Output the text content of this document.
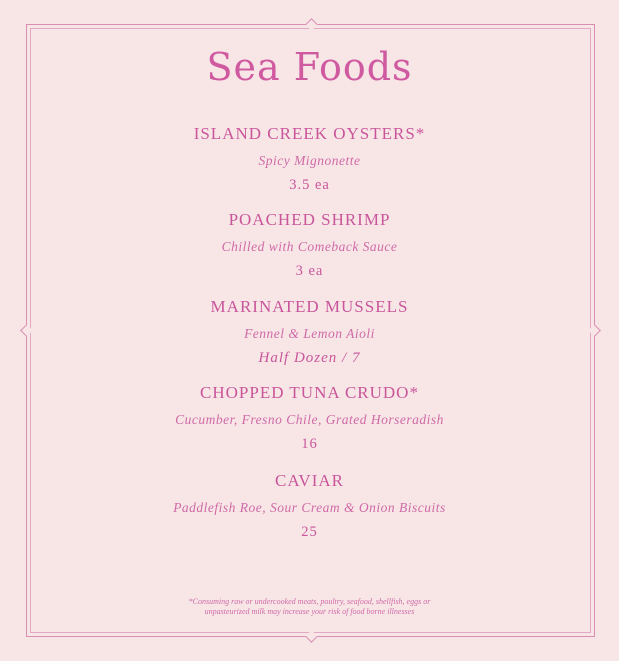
Sea Foods
ISLAND CREEK OYSTERS*
Spicy Mignonette
3.5 ea
POACHED SHRIMP
Chilled with Comeback Sauce
3 ea
MARINATED MUSSELS
Fennel & Lemon Aioli
Half Dozen / 7
CHOPPED TUNA CRUDO*
Cucumber, Fresno Chile, Grated Horseradish
16
CAVIAR
Paddlefish Roe, Sour Cream & Onion Biscuits
25
*Consuming raw or undercooked meats, poultry, seafood, shellfish, eggs or
unpasteurized milk may increase your risk of food borne illnesses
